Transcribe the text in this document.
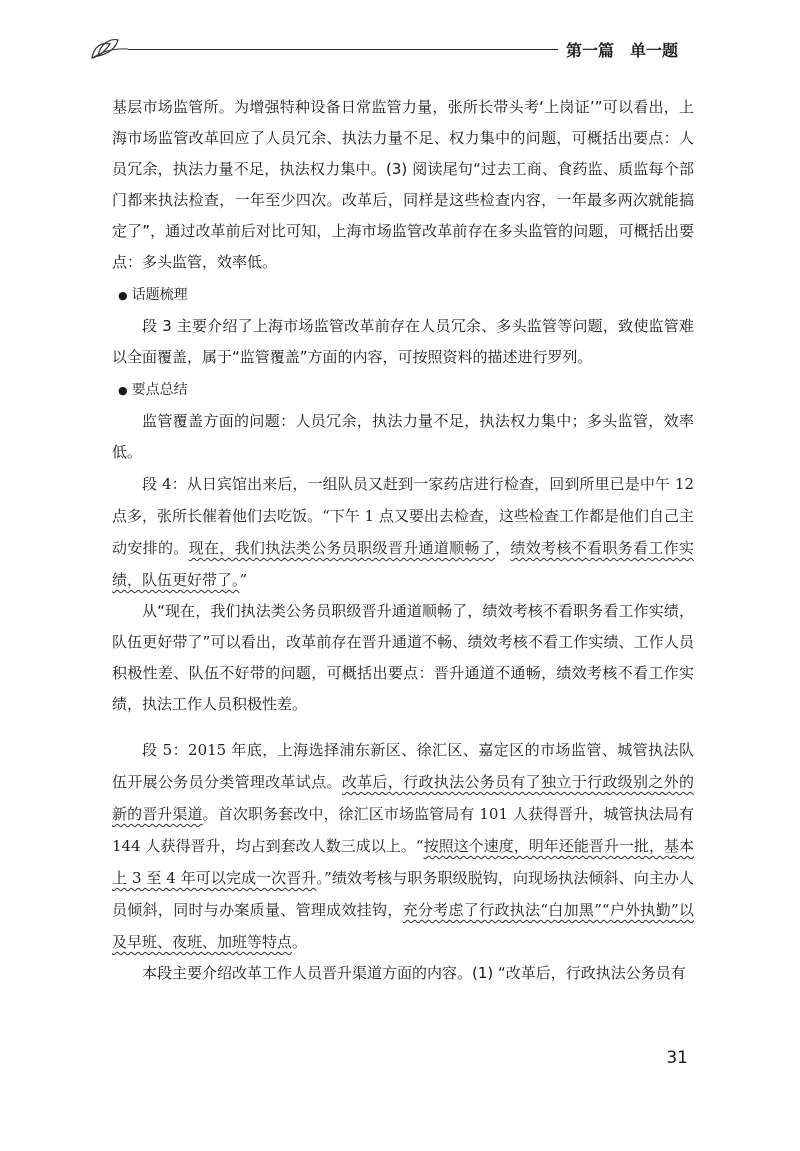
第一篇　单一题

基层市场监管所。为增强特种设备日常监管力量，张所长带头考‘上岗证’”可以看出，上海市场监管改革回应了人员冗余、执法力量不足、权力集中的问题，可概括出要点：人员冗余，执法力量不足，执法权力集中。(3) 阅读尾句“过去工商、食药监、质监每个部门都来执法检查，一年至少四次。改革后，同样是这些检查内容，一年最多两次就能搞定了”，通过改革前后对比可知，上海市场监管改革前存在多头监管的问题，可概括出要点：多头监管，效率低。

● 话题梳理

段 3 主要介绍了上海市场监管改革前存在人员冗余、多头监管等问题，致使监管难以全面覆盖，属于“监管覆盖”方面的内容，可按照资料的描述进行罗列。

● 要点总结

监管覆盖方面的问题：人员冗余，执法力量不足，执法权力集中；多头监管，效率低。

段 4：从日宾馆出来后，一组队员又赶到一家药店进行检查，回到所里已是中午 12 点多，张所长催着他们去吃饭。“下午 1 点又要出去检查，这些检查工作都是他们自己主动安排的。现在，我们执法类公务员职级晋升通道顺畅了，绩效考核不看职务看工作实绩，队伍更好带了。”

从“现在，我们执法类公务员职级晋升通道顺畅了，绩效考核不看职务看工作实绩，队伍更好带了”可以看出，改革前存在晋升通道不畅、绩效考核不看工作实绩、工作人员积极性差、队伍不好带的问题，可概括出要点：晋升通道不通畅，绩效考核不看工作实绩，执法工作人员积极性差。

段 5：2015 年底，上海选择浦东新区、徐汇区、嘉定区的市场监管、城管执法队伍开展公务员分类管理改革试点。改革后，行政执法公务员有了独立于行政级别之外的新的晋升渠道。首次职务套改中，徐汇区市场监管局有 101 人获得晋升，城管执法局有 144 人获得晋升，均占到套改人数三成以上。“按照这个速度，明年还能晋升一批，基本上 3 至 4 年可以完成一次晋升。”绩效考核与职务职级脱钩，向现场执法倾斜、向主办人员倾斜，同时与办案质量、管理成效挂钩，充分考虑了行政执法“白加黑”“户外执勤”以及早班、夜班、加班等特点。

本段主要介绍改革工作人员晋升渠道方面的内容。(1) “改革后，行政执法公务员有

31
